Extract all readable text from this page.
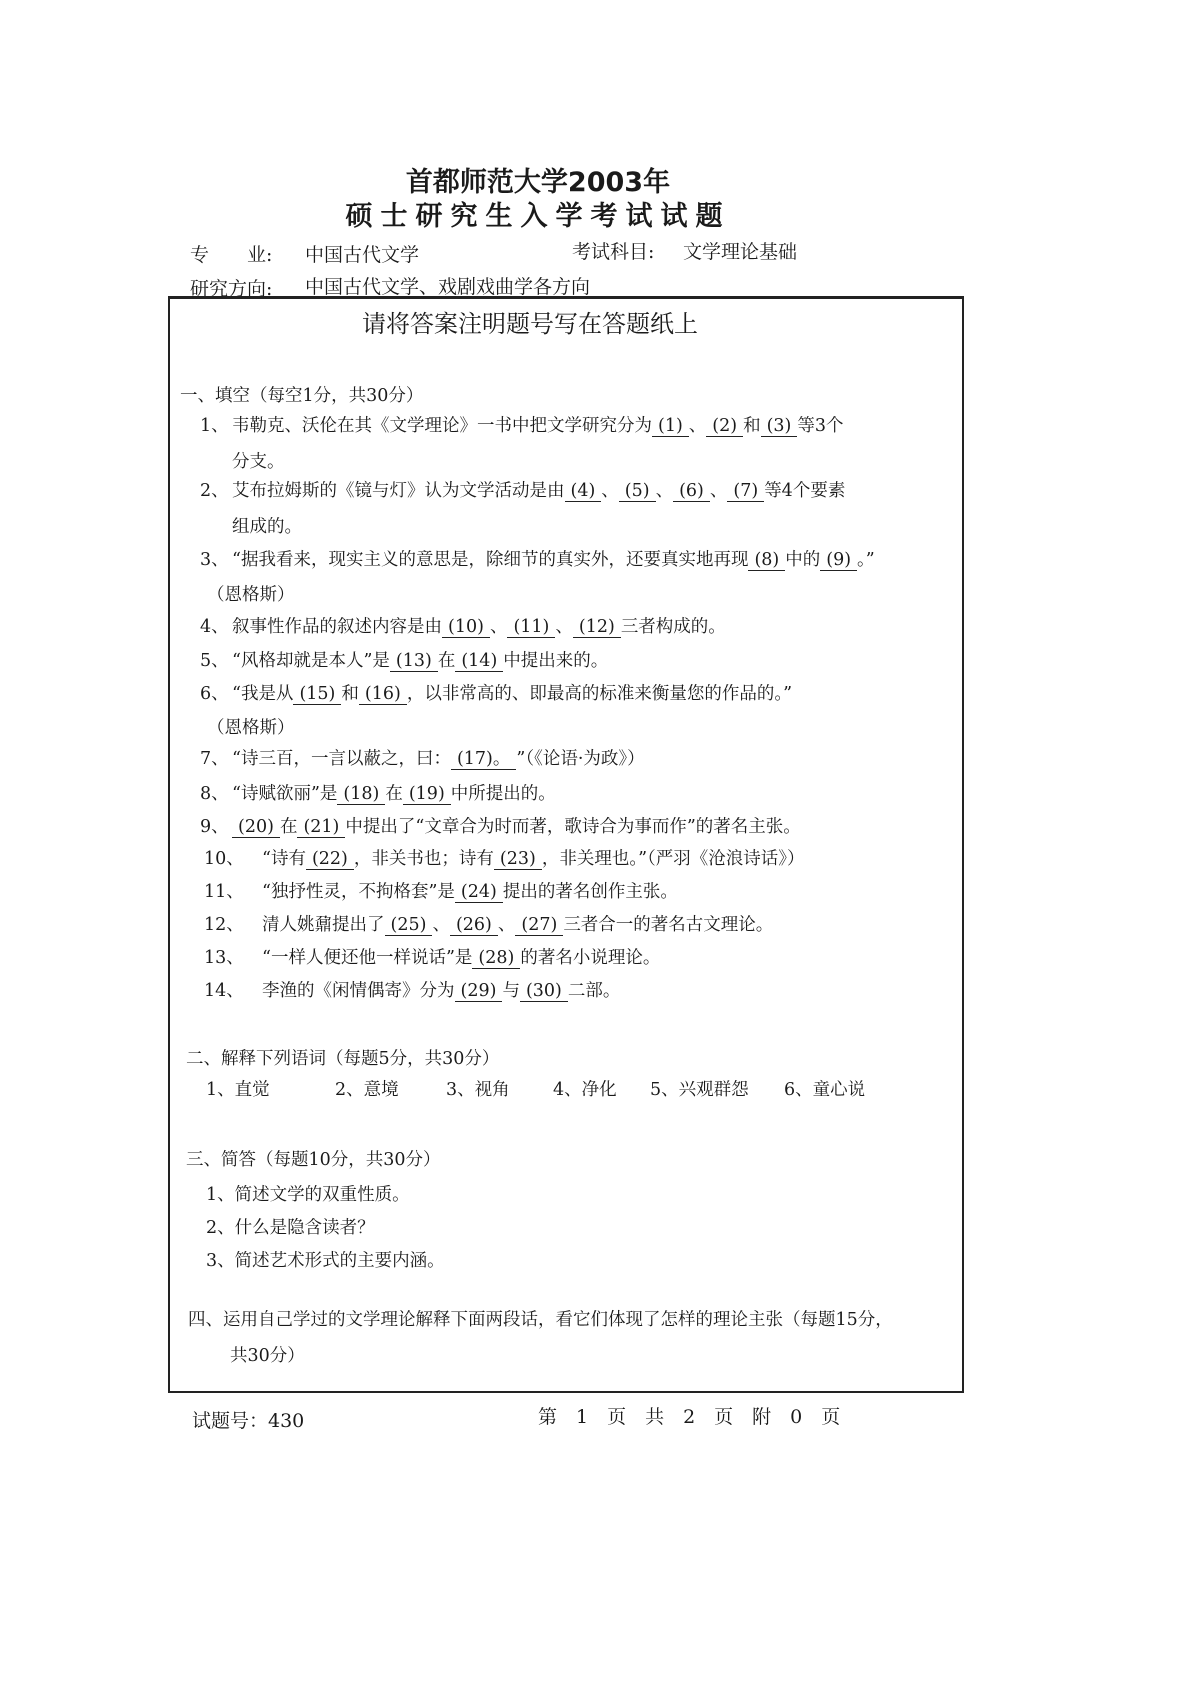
首都师范大学2003年
硕士研究生入学考试试题
专　　业: 中国古代文学	考试科目: 文学理论基础
研究方向: 中国古代文学、戏剧戏曲学各方向
请将答案注明题号写在答题纸上
一、填空（每空1分，共30分）
1、 韦勒克、沃伦在其《文学理论》一书中把文学研究分为 (1) 、 (2) 和 (3) 等3个
分支。
2、 艾布拉姆斯的《镜与灯》认为文学活动是由 (4) 、 (5) 、 (6) 、 (7) 等4个要素
组成的。
3、 “据我看来，现实主义的意思是，除细节的真实外，还要真实地再现 (8) 中的 (9) 。”
（恩格斯）
4、 叙事性作品的叙述内容是由 (10) 、 (11) 、 (12) 三者构成的。
5、 “风格却就是本人”是 (13) 在 (14) 中提出来的。
6、 “我是从 (15) 和 (16) ，以非常高的、即最高的标准来衡量您的作品的。”
（恩格斯）
7、 “诗三百，一言以蔽之，曰： (17)。 ”（《论语·为政》）
8、 “诗赋欲丽”是 (18) 在 (19) 中所提出的。
9、 (20) 在 (21) 中提出了“文章合为时而著，歌诗合为事而作”的著名主张。
10、 “诗有 (22) ，非关书也；诗有 (23) ，非关理也。”（严羽《沧浪诗话》）
11、 “独抒性灵，不拘格套”是 (24) 提出的著名创作主张。
12、 清人姚鼐提出了 (25) 、 (26) 、 (27) 三者合一的著名古文理论。
13、 “一样人便还他一样说话”是 (28) 的著名小说理论。
14、 李渔的《闲情偶寄》分为 (29) 与 (30) 二部。
二、解释下列语词（每题5分，共30分）
1、直觉	2、意境	3、视角 4、净化 5、兴观群怨 6、童心说
三、简答（每题10分，共30分）
1、简述文学的双重性质。
2、什么是隐含读者？
3、简述艺术形式的主要内涵。
四、运用自己学过的文学理论解释下面两段话，看它们体现了怎样的理论主张（每题15分，
共30分）
试题号：430	第　1　页　共　2　页　附　0　页
